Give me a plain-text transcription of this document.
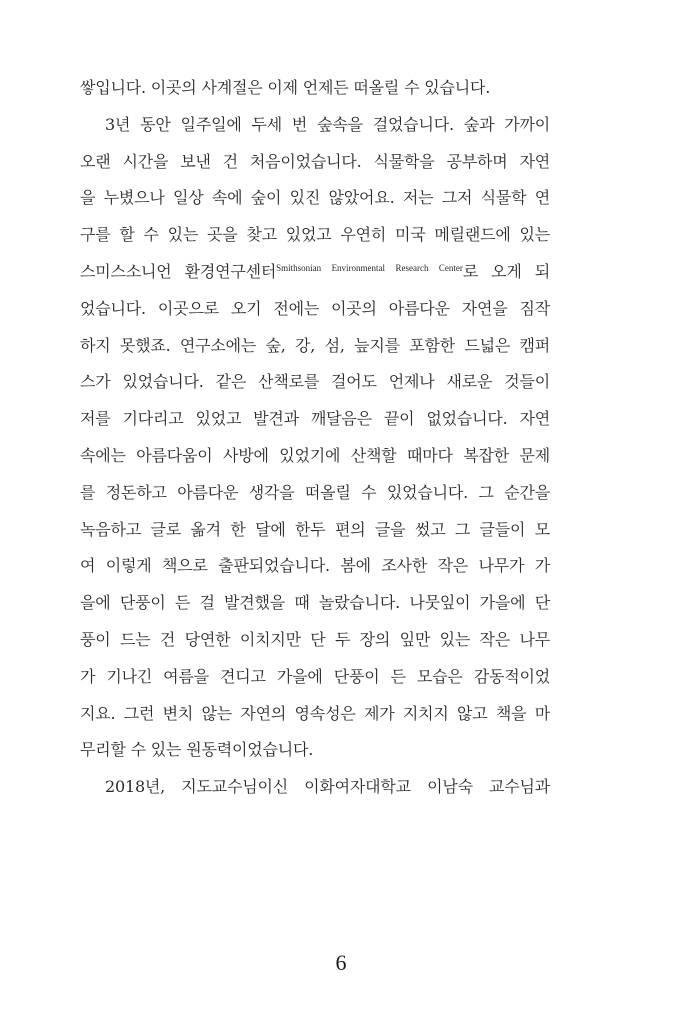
쌓입니다. 이곳의 사계절은 이제 언제든 떠올릴 수 있습니다.
3년 동안 일주일에 두세 번 숲속을 걸었습니다. 숲과 가까이
오랜 시간을 보낸 건 처음이었습니다. 식물학을 공부하며 자연
을 누볐으나 일상 속에 숲이 있진 않았어요. 저는 그저 식물학 연
구를 할 수 있는 곳을 찾고 있었고 우연히 미국 메릴랜드에 있는
스미스소니언 환경연구센터$^{Smithsonian Environmental Research Center}$로 오게 되
었습니다. 이곳으로 오기 전에는 이곳의 아름다운 자연을 짐작
하지 못했죠. 연구소에는 숲, 강, 섬, 늪지를 포함한 드넓은 캠퍼
스가 있었습니다. 같은 산책로를 걸어도 언제나 새로운 것들이
저를 기다리고 있었고 발견과 깨달음은 끝이 없었습니다. 자연
속에는 아름다움이 사방에 있었기에 산책할 때마다 복잡한 문제
를 정돈하고 아름다운 생각을 떠올릴 수 있었습니다. 그 순간을
녹음하고 글로 옮겨 한 달에 한두 편의 글을 썼고 그 글들이 모
여 이렇게 책으로 출판되었습니다. 봄에 조사한 작은 나무가 가
을에 단풍이 든 걸 발견했을 때 놀랐습니다. 나뭇잎이 가을에 단
풍이 드는 건 당연한 이치지만 단 두 장의 잎만 있는 작은 나무
가 기나긴 여름을 견디고 가을에 단풍이 든 모습은 감동적이었
지요. 그런 변치 않는 자연의 영속성은 제가 지치지 않고 책을 마
무리할 수 있는 원동력이었습니다.
2018년, 지도교수님이신 이화여자대학교 이남숙 교수님과
6
